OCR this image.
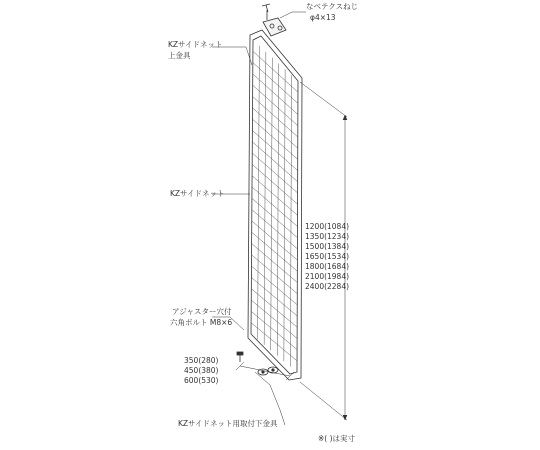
なべテクスねじ
φ4×13
KZサイドネット
上金具
KZサイドネット
アジャスター穴付
六角ボルト M8×6
1200(1084)
1350(1234)
1500(1384)
1650(1534)
1800(1684)
2100(1984)
2400(2284)
350(280)
450(380)
600(530)
KZサイドネット用取付下金具
※( )は実寸
